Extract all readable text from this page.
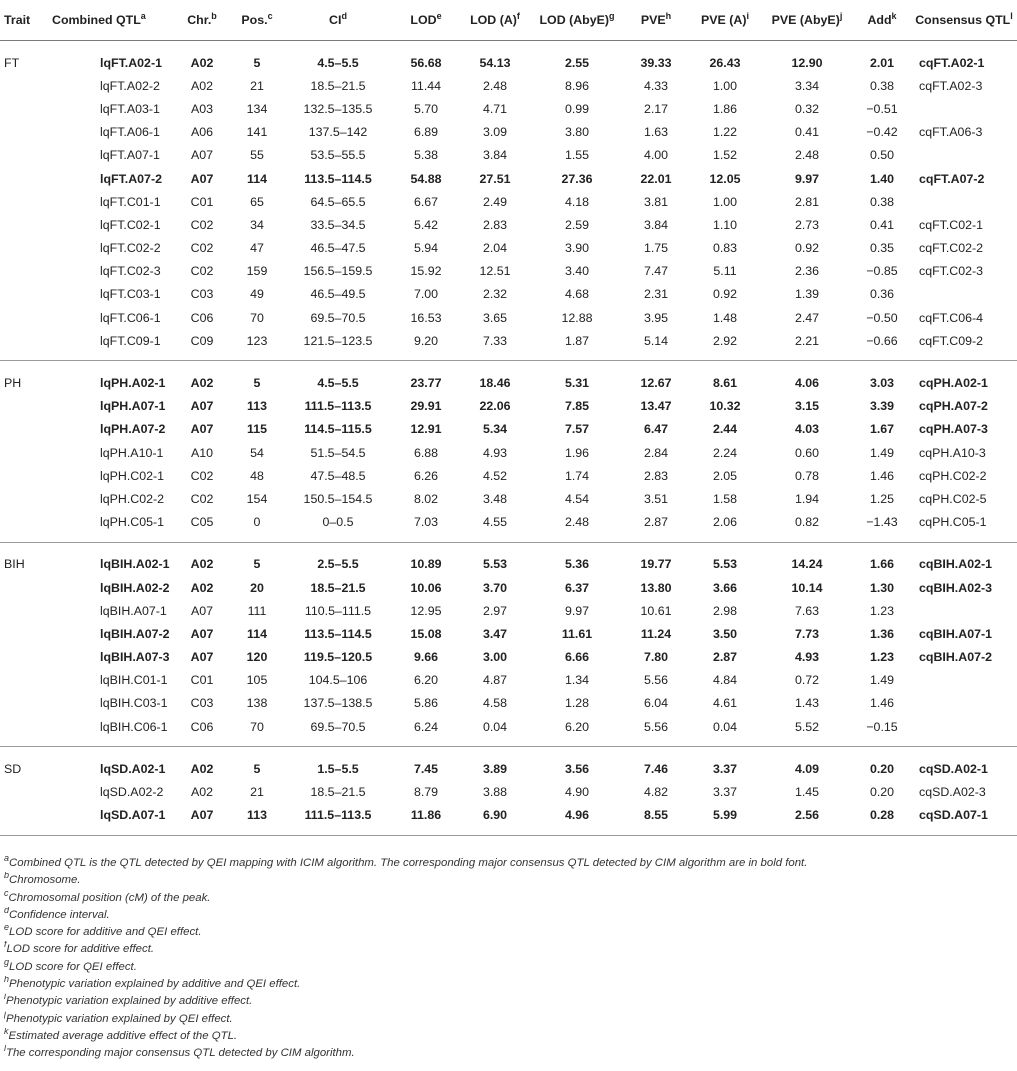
Trait	Combined QTL$^a$	Chr.$^b$	Pos.$^c$	$CI^d$	LOD$^e$	LOD $(A)^f$	LOD (AbyE)$^g$	PVE$^h$	PVE $(A)^i$	PVE (AbyE)$^j$	Add$^k$	Consensus QTL$^l$
FT	lqFT.A02-1	A02	5	4.5–5.5	56.68	54.13	2.55	39.33	26.43	12.90	2.01	cqFT.A02-1
	lqFT.A02-2	A02	21	18.5–21.5	11.44	2.48	8.96	4.33	1.00	3.34	0.38	cqFT.A02-3
	lqFT.A03-1	A03	134	132.5–135.5	5.70	4.71	0.99	2.17	1.86	0.32	−0.51	
	lqFT.A06-1	A06	141	137.5–142	6.89	3.09	3.80	1.63	1.22	0.41	−0.42	cqFT.A06-3
	lqFT.A07-1	A07	55	53.5–55.5	5.38	3.84	1.55	4.00	1.52	2.48	0.50	
	lqFT.A07-2	A07	114	113.5–114.5	54.88	27.51	27.36	22.01	12.05	9.97	1.40	cqFT.A07-2
	lqFT.C01-1	C01	65	64.5–65.5	6.67	2.49	4.18	3.81	1.00	2.81	0.38	
	lqFT.C02-1	C02	34	33.5–34.5	5.42	2.83	2.59	3.84	1.10	2.73	0.41	cqFT.C02-1
	lqFT.C02-2	C02	47	46.5–47.5	5.94	2.04	3.90	1.75	0.83	0.92	0.35	cqFT.C02-2
	lqFT.C02-3	C02	159	156.5–159.5	15.92	12.51	3.40	7.47	5.11	2.36	−0.85	cqFT.C02-3
	lqFT.C03-1	C03	49	46.5–49.5	7.00	2.32	4.68	2.31	0.92	1.39	0.36	
	lqFT.C06-1	C06	70	69.5–70.5	16.53	3.65	12.88	3.95	1.48	2.47	−0.50	cqFT.C06-4
	lqFT.C09-1	C09	123	121.5–123.5	9.20	7.33	1.87	5.14	2.92	2.21	−0.66	cqFT.C09-2
PH	lqPH.A02-1	A02	5	4.5–5.5	23.77	18.46	5.31	12.67	8.61	4.06	3.03	cqPH.A02-1
	lqPH.A07-1	A07	113	111.5–113.5	29.91	22.06	7.85	13.47	10.32	3.15	3.39	cqPH.A07-2
	lqPH.A07-2	A07	115	114.5–115.5	12.91	5.34	7.57	6.47	2.44	4.03	1.67	cqPH.A07-3
	lqPH.A10-1	A10	54	51.5–54.5	6.88	4.93	1.96	2.84	2.24	0.60	1.49	cqPH.A10-3
	lqPH.C02-1	C02	48	47.5–48.5	6.26	4.52	1.74	2.83	2.05	0.78	1.46	cqPH.C02-2
	lqPH.C02-2	C02	154	150.5–154.5	8.02	3.48	4.54	3.51	1.58	1.94	1.25	cqPH.C02-5
	lqPH.C05-1	C05	0	0–0.5	7.03	4.55	2.48	2.87	2.06	0.82	−1.43	cqPH.C05-1
BIH	lqBIH.A02-1	A02	5	2.5–5.5	10.89	5.53	5.36	19.77	5.53	14.24	1.66	cqBIH.A02-1
	lqBIH.A02-2	A02	20	18.5–21.5	10.06	3.70	6.37	13.80	3.66	10.14	1.30	cqBIH.A02-3
	lqBIH.A07-1	A07	111	110.5–111.5	12.95	2.97	9.97	10.61	2.98	7.63	1.23	
	lqBIH.A07-2	A07	114	113.5–114.5	15.08	3.47	11.61	11.24	3.50	7.73	1.36	cqBIH.A07-1
	lqBIH.A07-3	A07	120	119.5–120.5	9.66	3.00	6.66	7.80	2.87	4.93	1.23	cqBIH.A07-2
	lqBIH.C01-1	C01	105	104.5–106	6.20	4.87	1.34	5.56	4.84	0.72	1.49	
	lqBIH.C03-1	C03	138	137.5–138.5	5.86	4.58	1.28	6.04	4.61	1.43	1.46	
	lqBIH.C06-1	C06	70	69.5–70.5	6.24	0.04	6.20	5.56	0.04	5.52	−0.15	
SD	lqSD.A02-1	A02	5	1.5–5.5	7.45	3.89	3.56	7.46	3.37	4.09	0.20	cqSD.A02-1
	lqSD.A02-2	A02	21	18.5–21.5	8.79	3.88	4.90	4.82	3.37	1.45	0.20	cqSD.A02-3
	lqSD.A07-1	A07	113	111.5–113.5	11.86	6.90	4.96	8.55	5.99	2.56	0.28	cqSD.A07-1
$^a$Combined QTL is the QTL detected by QEI mapping with ICIM algorithm. The corresponding major consensus QTL detected by CIM algorithm are in bold font.
$^b$Chromosome.
$^c$Chromosomal position (cM) of the peak.
$^d$Confidence interval.
$^e$LOD score for additive and QEI effect.
$^f$LOD score for additive effect.
$^g$LOD score for QEI effect.
$^h$Phenotypic variation explained by additive and QEI effect.
$^i$Phenotypic variation explained by additive effect.
$^j$Phenotypic variation explained by QEI effect.
$^k$Estimated average additive effect of the QTL.
$^l$The corresponding major consensus QTL detected by CIM algorithm.
